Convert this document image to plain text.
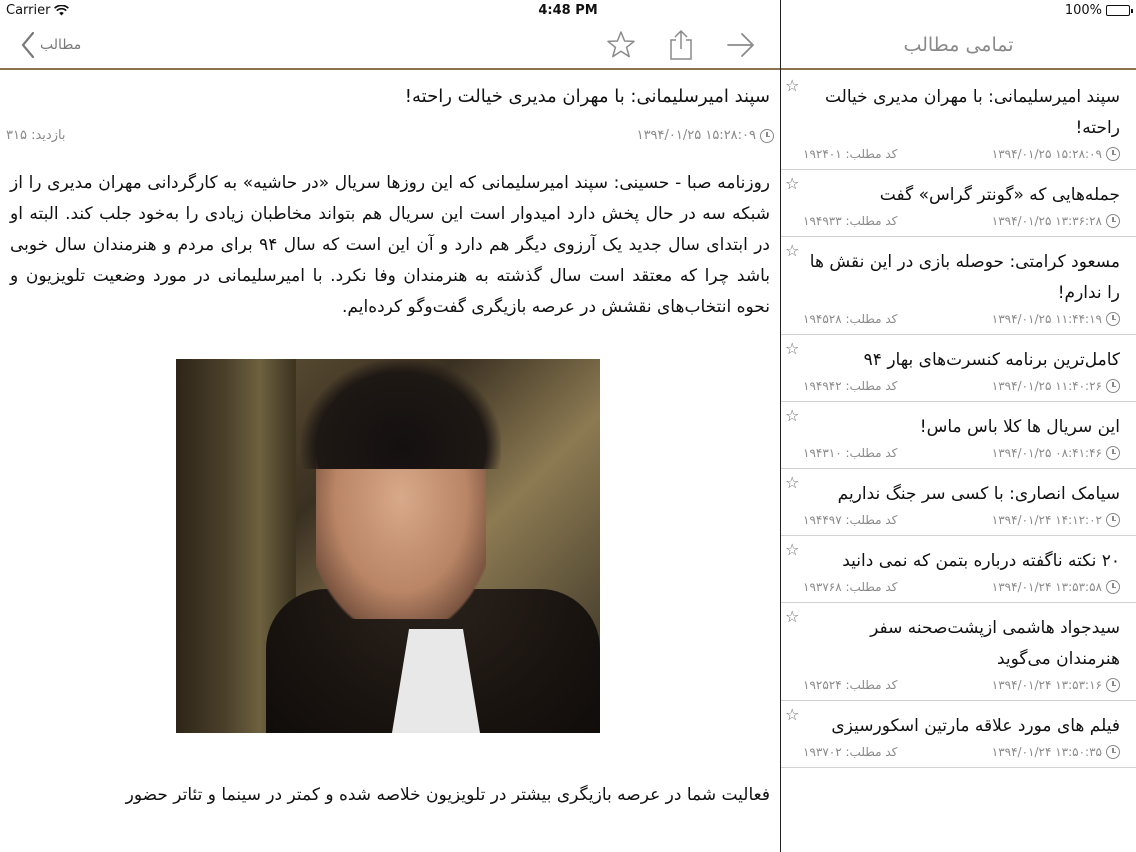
Carrier	4:48 PM	100%
مطالب
سپند امیرسلیمانی: با مهران مدیری خیالت راحته!
۱۳۹۴/۰۱/۲۵ ۱۵:۲۸:۰۹
بازدید: ۳۱۵
روزنامه صبا - حسینی: سپند امیرسلیمانی که این روزها سریال «در حاشیه» به کارگردانی مهران مدیری را از شبکه سه در حال پخش دارد امیدوار است این سریال هم بتواند مخاطبان زیادی را به‌خود جلب کند. البته او در ابتدای سال جدید یک آرزوی دیگر هم دارد و آن این است که سال ۹۴ برای مردم و هنرمندان سال خوبی باشد چرا که معتقد است سال گذشته به هنرمندان وفا نکرد. با امیرسلیمانی در مورد وضعیت تلویزیون و نحوه انتخاب‌های نقشش در عرصه بازیگری گفت‌وگو کرده‌ایم.
فعالیت شما در عرصه بازیگری بیشتر در تلویزیون خلاصه شده و کمتر در سینما و تئاتر حضور
تمامی مطالب
☆
سپند امیرسلیمانی: با مهران مدیری خیالت راحته!
۱۳۹۴/۰۱/۲۵ ۱۵:۲۸:۰۹
کد مطلب: ۱۹۲۴۰۱
☆
جمله‌هایی که «گونتر گراس» گفت
۱۳۹۴/۰۱/۲۵ ۱۳:۳۶:۲۸
کد مطلب: ۱۹۴۹۳۳
☆
مسعود کرامتی: حوصله بازی در این نقش ها را ندارم!
۱۳۹۴/۰۱/۲۵ ۱۱:۴۴:۱۹
کد مطلب: ۱۹۴۵۲۸
☆
کامل‌ترین برنامه کنسرت‌های بهار ۹۴
۱۳۹۴/۰۱/۲۵ ۱۱:۴۰:۲۶
کد مطلب: ۱۹۴۹۴۲
☆
این سریال ها کلا باس ماس!
۱۳۹۴/۰۱/۲۵ ۰۸:۴۱:۴۶
کد مطلب: ۱۹۴۳۱۰
☆
سیامک انصاری: با کسی سر جنگ نداریم
۱۳۹۴/۰۱/۲۴ ۱۴:۱۲:۰۲
کد مطلب: ۱۹۴۴۹۷
☆
۲۰ نکته ناگفته درباره بتمن که نمی دانید
۱۳۹۴/۰۱/۲۴ ۱۳:۵۳:۵۸
کد مطلب: ۱۹۳۷۶۸
☆
سیدجواد هاشمی ازپشت‌صحنه سفر هنرمندان می‌گوید
۱۳۹۴/۰۱/۲۴ ۱۳:۵۳:۱۶
کد مطلب: ۱۹۲۵۲۴
☆
فیلم های مورد علاقه مارتین اسکورسیزی
۱۳۹۴/۰۱/۲۴ ۱۳:۵۰:۳۵
کد مطلب: ۱۹۳۷۰۲
